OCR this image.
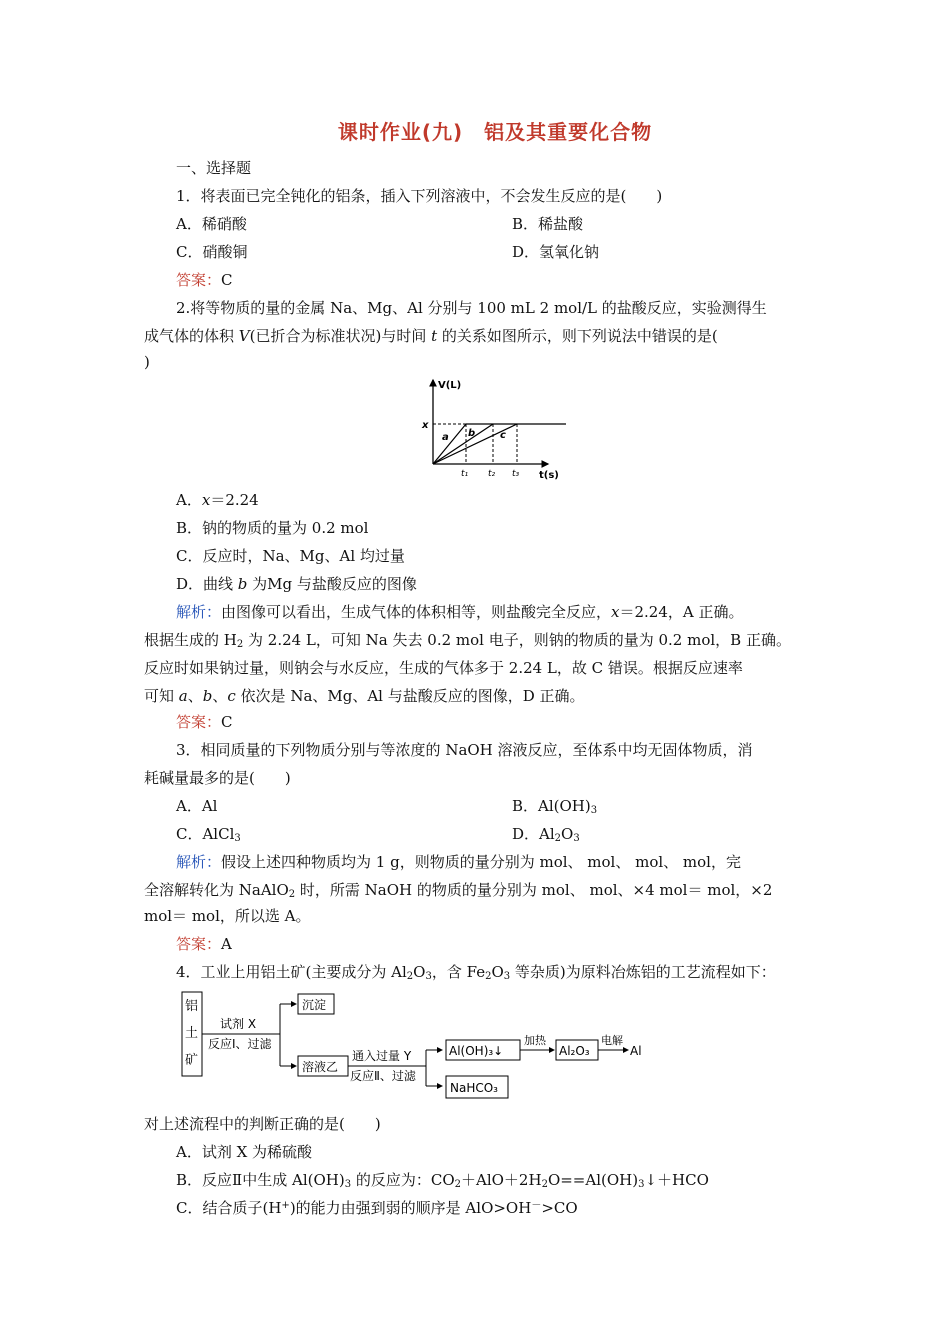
课时作业(九)　铝及其重要化合物
一、选择题
1．将表面已完全钝化的铝条，插入下列溶液中，不会发生反应的是(　　)
A．稀硝酸	B．稀盐酸
C．硝酸铜	D．氢氧化钠
答案：C
2.将等物质的量的金属 Na、Mg、Al 分别与 100 mL 2 mol/L 的盐酸反应，实验测得生
成气体的体积 V(已折合为标准状况)与时间 t 的关系如图所示，则下列说法中错误的是(
)
V(L)
t(s)
x
a b c
t₁ t₂ t₃
A．x＝2.24
B．钠的物质的量为 0.2 mol
C．反应时，Na、Mg、Al 均过量
D．曲线 b 为Mg 与盐酸反应的图像
解析：由图像可以看出，生成气体的体积相等，则盐酸完全反应，x＝2.24，A 正确。
根据生成的 $H_2$ 为 2.24 L，可知 Na 失去 0.2 mol 电子，则钠的物质的量为 0.2 mol，B 正确。
反应时如果钠过量，则钠会与水反应，生成的气体多于 2.24 L，故 C 错误。根据反应速率
可知 a、b、c 依次是 Na、Mg、Al 与盐酸反应的图像，D 正确。
答案：C
3．相同质量的下列物质分别与等浓度的 NaOH 溶液反应，至体系中均无固体物质，消
耗碱量最多的是(　　)
A．Al	B．$Al(OH)_3$
C．AlCl$_3$	D．$Al_2O_3$
解析：假设上述四种物质均为 1 g，则物质的量分别为 mol、 mol、 mol、 mol，完
全溶解转化为 NaAlO$_2$ 时，所需 NaOH 的物质的量分别为 mol、 mol、×4 mol＝ mol，×2
mol＝ mol，所以选 A。
答案：A
4．工业上用铝土矿(主要成分为 $Al_2O_3$，含 $Fe_2O_3$ 等杂质)为原料冶炼铝的工艺流程如下：
铝
土
矿
试剂 X
反应Ⅰ、过滤
沉淀
溶液乙
通入过量 Y
反应Ⅱ、过滤
Al(OH)₃↓
加热
Al₂O₃
电解
Al
NaHCO₃
对上述流程中的判断正确的是(　　)
A．试剂 X 为稀硫酸
B．反应Ⅱ中生成 $Al(OH)_3$ 的反应为：$CO_2+AlO+2H_2O==Al(OH)_3↓+HCO$
C．结合质子(H+)的能力由强到弱的顺序是 AlO>OH－>CO
